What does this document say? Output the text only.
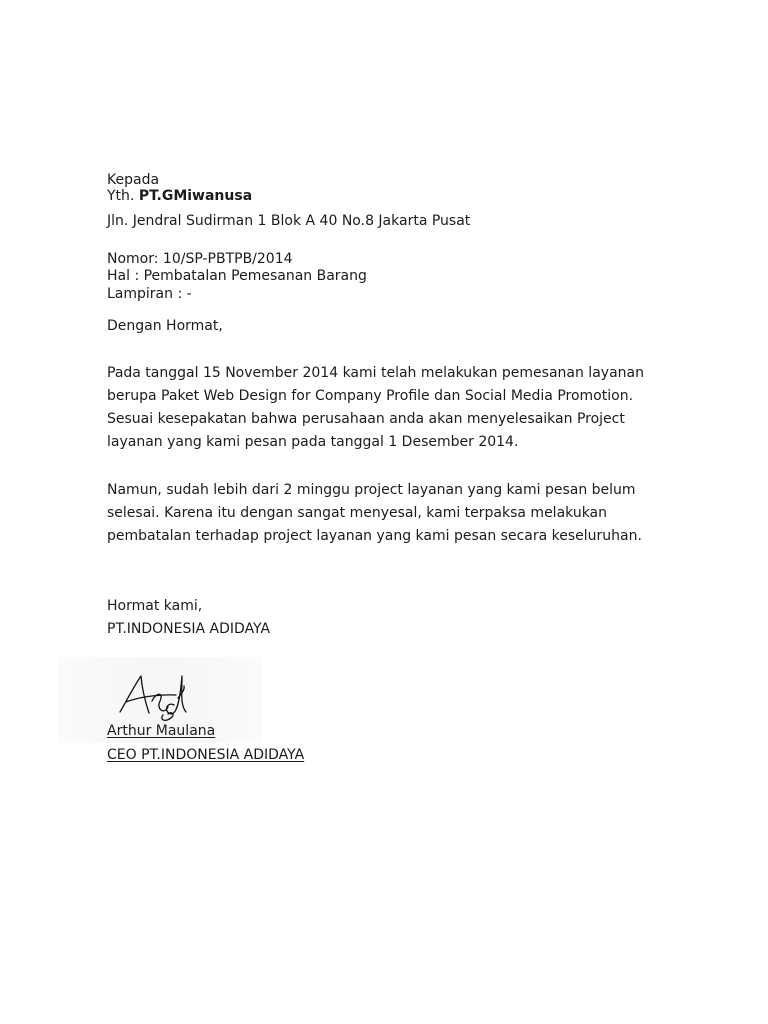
Kepada
Yth. PT.GMiwanusa
Jln. Jendral Sudirman 1 Blok A 40 No.8 Jakarta Pusat
Nomor: 10/SP-PBTPB/2014
Hal : Pembatalan Pemesanan Barang
Lampiran : -
Dengan Hormat,
Pada tanggal 15 November 2014 kami telah melakukan pemesanan layanan
berupa Paket Web Design for Company Profile dan Social Media Promotion.
Sesuai kesepakatan bahwa perusahaan anda akan menyelesaikan Project
layanan yang kami pesan pada tanggal 1 Desember 2014.
Namun, sudah lebih dari 2 minggu project layanan yang kami pesan belum
selesai. Karena itu dengan sangat menyesal, kami terpaksa melakukan
pembatalan terhadap project layanan yang kami pesan secara keseluruhan.
Hormat kami,
PT.INDONESIA ADIDAYA
Arthur Maulana
CEO PT.INDONESIA ADIDAYA
